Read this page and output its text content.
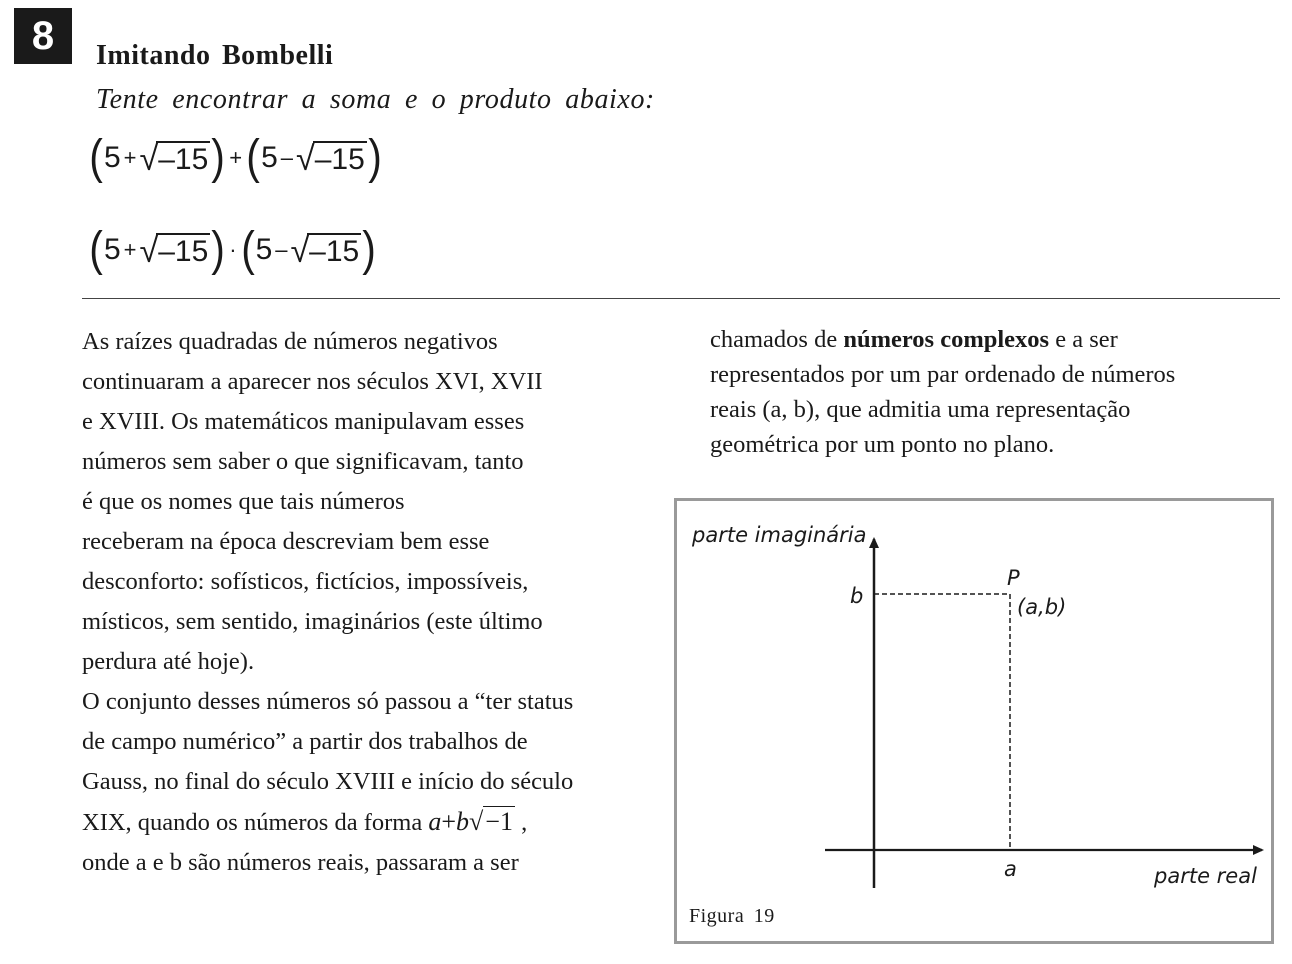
8	Imitando Bombelli
Tente encontrar a soma e o produto abaixo:
( 5 + √ –15 ) + ( 5 – √ –15 )
( 5 + √ –15 ) · ( 5 – √ –15 )
As raízes quadradas de números negativos
continuaram a aparecer nos séculos XVI, XVII
e XVIII. Os matemáticos manipulavam esses
números sem saber o que significavam, tanto
é que os nomes que tais números
receberam na época descreviam bem esse
desconforto: sofísticos, fictícios, impossíveis,
místicos, sem sentido, imaginários (este último
perdura até hoje).
O conjunto desses números só passou a “ter status
de campo numérico” a partir dos trabalhos de
Gauss, no final do século XVIII e início do século
XIX, quando os números da forma a+b√−1 ,
onde a e b são números reais, passaram a ser
chamados de números complexos e a ser
representados por um par ordenado de números
reais (a, b), que admitia uma representação
geométrica por um ponto no plano.
parte imaginária
parte real
b
a
P
(a,b)
Figura 19
